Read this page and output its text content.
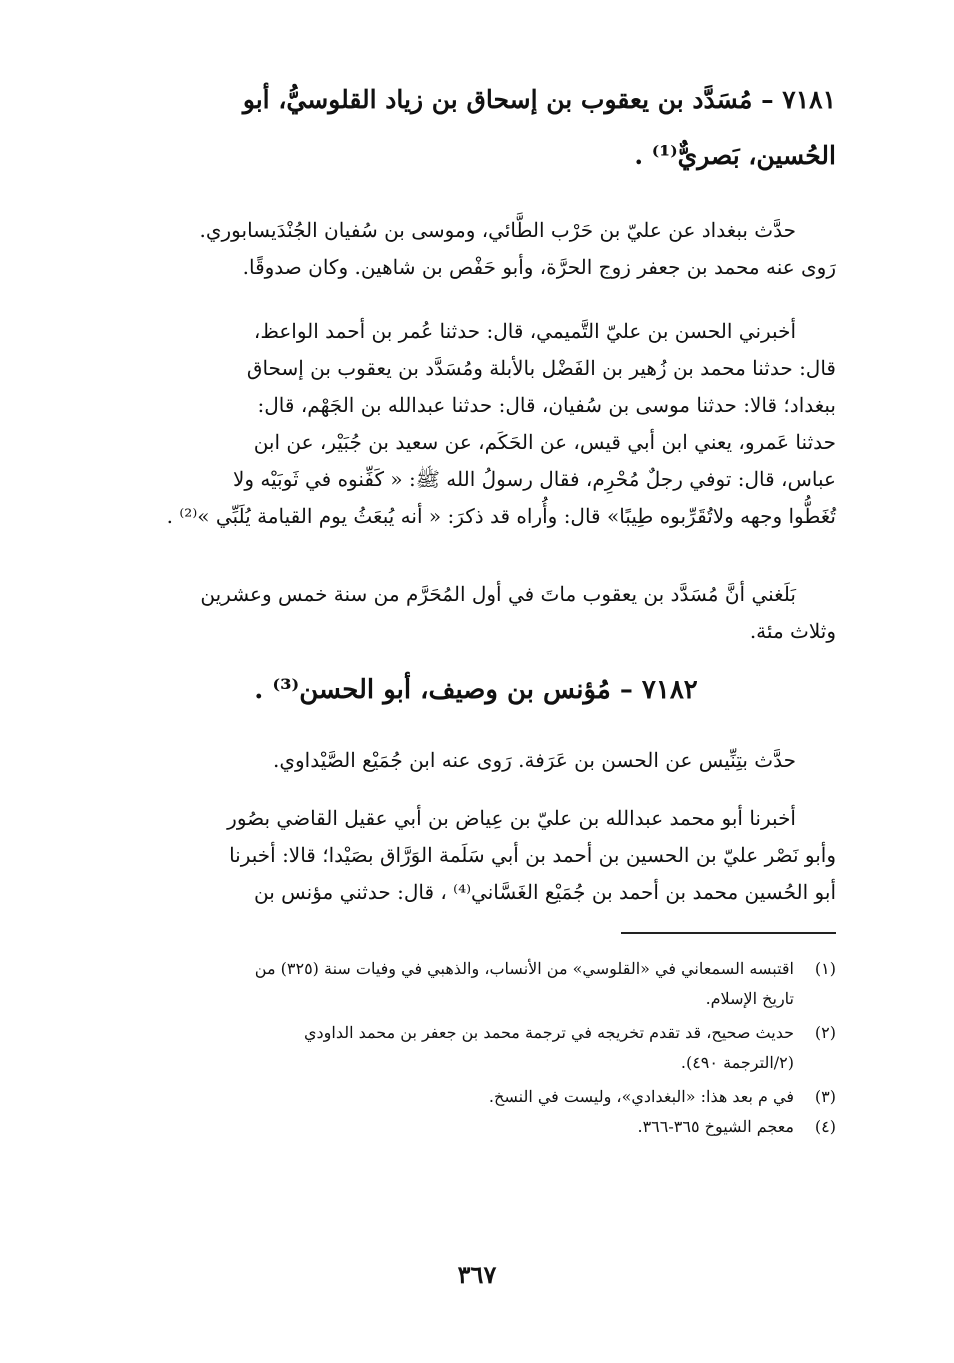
٧١٨١ – مُسَدَّد بن يعقوب بن إسحاق بن زياد القلوسيُّ، أبو
الحُسين، بَصريٌّ⁽¹⁾ .
حدَّث ببغداد عن عليّ بن حَرْب الطَّائي، وموسى بن سُفيان الجُنْدَيسابوري.
رَوى عنه محمد بن جعفر زوج الحرَّة، وأبو حَفْص بن شاهين. وكان صدوقًا.
أخبرني الحسن بن عليّ التَّميمي، قال: حدثنا عُمر بن أحمد الواعظ،
قال: حدثنا محمد بن زُهير بن الفَضْل بالأبلة ومُسَدَّد بن يعقوب بن إسحاق
ببغداد؛ قالا: حدثنا موسى بن سُفيان، قال: حدثنا عبدالله بن الجَهْم، قال:
حدثنا عَمرو، يعني ابن أبي قيس، عن الحَكَم، عن سعيد بن جُبَيْر، عن ابن
عباس، قال: توفي رجلٌ مُحْرِم، فقال رسولُ الله ﷺ: « كَفِّنوه في ثَوبَيْه ولا
تُغَطُّوا وجهه ولاتُقَرِّبوه طِيبًا» قال: وأُراه قد ذكرَ: « أنه يُبعَثُ يوم القيامة يُلَبِّي »⁽²⁾ .
بَلَغني أنَّ مُسَدَّد بن يعقوب ماتَ في أول المُحَرَّم من سنة خمس وعشرين
وثلاث مئة.
٧١٨٢ – مُؤنس بن وصيف، أبو الحسن⁽³⁾ .
حدَّث بتِنِّيس عن الحسن بن عَرَفة. رَوى عنه ابن جُمَيْع الصَّيْداوي.
أخبرنا أبو محمد عبدالله بن عليّ بن عِياض بن أبي عقيل القاضي بصُور
وأبو نَصْر عليّ بن الحسين بن أحمد بن أبي سَلَمة الوَرَّاق بصَيْدا؛ قالا: أخبرنا
أبو الحُسين محمد بن أحمد بن جُمَيْع الغَسَّاني⁽⁴⁾ ، قال: حدثني مؤنس بن
(١)
اقتبسه السمعاني في «القلوسي» من الأنساب، والذهبي في وفيات سنة (٣٢٥) من
تاريخ الإسلام.
(٢)
حديث صحيح، قد تقدم تخريجه في ترجمة محمد بن جعفر بن محمد الداودي
(٢/الترجمة ٤٩٠).
(٣)
في م بعد هذا: «البغدادي»، وليست في النسخ.
(٤)
معجم الشيوخ ٣٦٥-٣٦٦.
٣٦٧
